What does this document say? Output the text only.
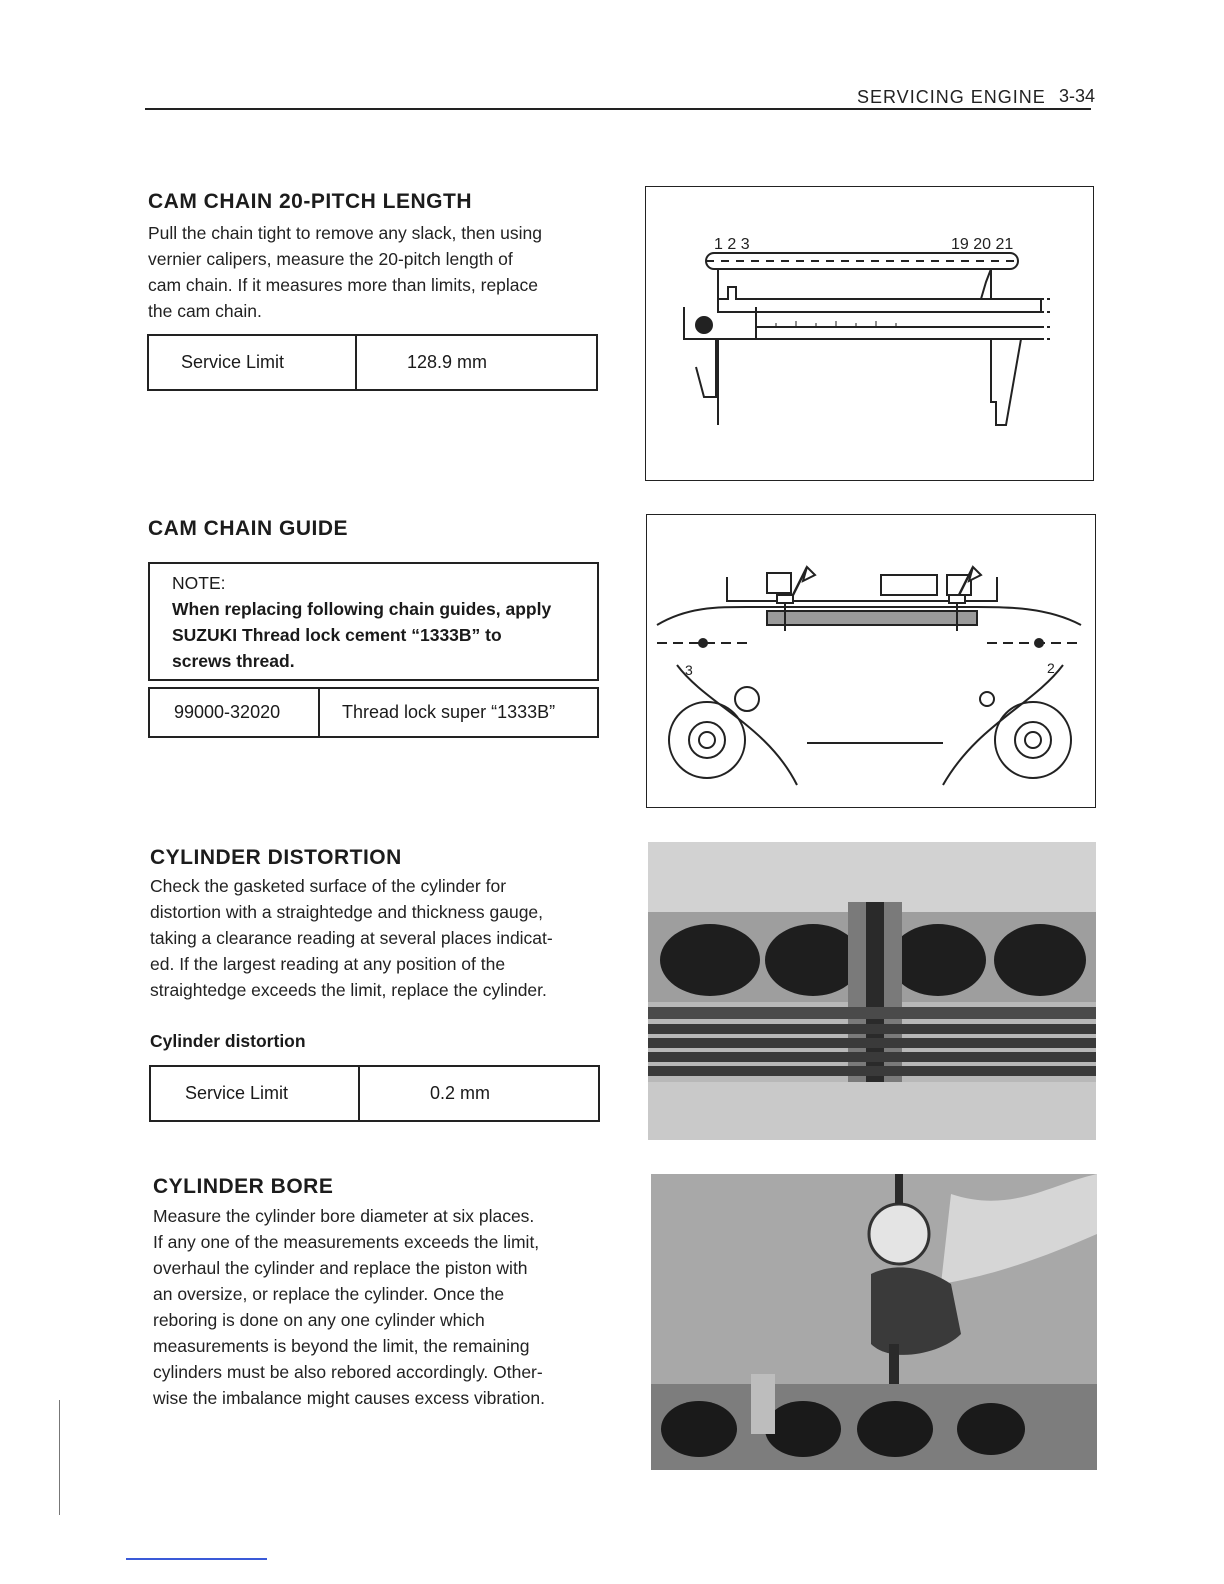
SERVICING ENGINE 3-34
CAM CHAIN 20-PITCH LENGTH
Pull the chain tight to remove any slack, then using
vernier calipers, measure the 20-pitch length of
cam chain. If it measures more than limits, replace
the cam chain.
Service Limit	128.9 mm
1 2 3	19 20 21
CAM CHAIN GUIDE
NOTE:
When replacing following chain guides, apply
SUZUKI Thread lock cement “1333B” to
screws thread.
99000-32020	Thread lock super “1333B”
3	2
CYLINDER DISTORTION
Check the gasketed surface of the cylinder for
distortion with a straightedge and thickness gauge,
taking a clearance reading at several places indicat-
ed. If the largest reading at any position of the
straightedge exceeds the limit, replace the cylinder.
Cylinder distortion
Service Limit	0.2 mm
CYLINDER BORE
Measure the cylinder bore diameter at six places.
If any one of the measurements exceeds the limit,
overhaul the cylinder and replace the piston with
an oversize, or replace the cylinder. Once the
reboring is done on any one cylinder which
measurements is beyond the limit, the remaining
cylinders must be also rebored accordingly. Other-
wise the imbalance might causes excess vibration.
